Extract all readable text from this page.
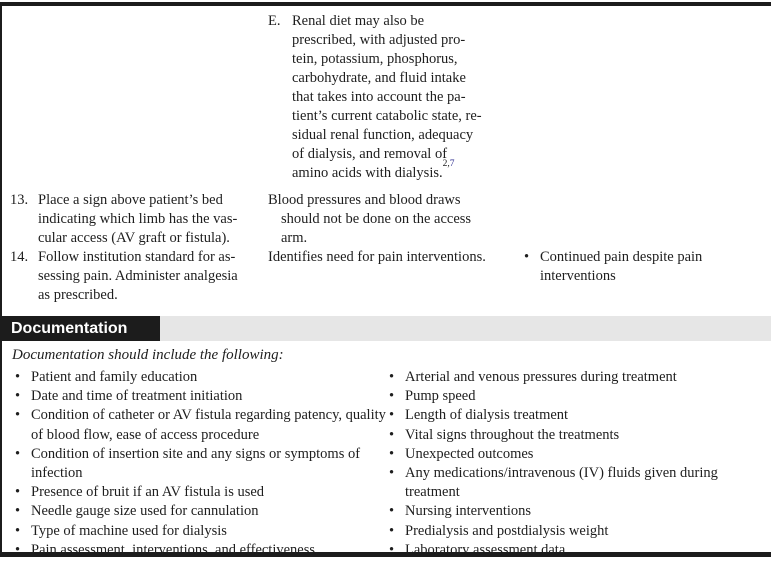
E. Renal diet may also be
prescribed, with adjusted pro-
tein, potassium, phosphorus,
carbohydrate, and fluid intake
that takes into account the pa-
tient’s current catabolic state, re-
sidual renal function, adequacy
of dialysis, and removal of
amino acids with dialysis.$^{2,7}$
13. Place a sign above patient’s bed
indicating which limb has the vas-
cular access (AV graft or fistula).
Blood pressures and blood draws
should not be done on the access
arm.
14. Follow institution standard for as-
sessing pain. Administer analgesia
as prescribed.
Identifies need for pain interventions.	• Continued pain despite pain
interventions
Documentation
Documentation should include the following:
• Patient and family education
• Date and time of treatment initiation
• Condition of catheter or AV fistula regarding patency, quality of blood flow, ease of access procedure
• Condition of insertion site and any signs or symptoms of infection
• Presence of bruit if an AV fistula is used
• Needle gauge size used for cannulation
• Type of machine used for dialysis
• Pain assessment, interventions, and effectiveness.
• Arterial and venous pressures during treatment
• Pump speed
• Length of dialysis treatment
• Vital signs throughout the treatments
• Unexpected outcomes
• Any medications/intravenous (IV) fluids given during treatment
• Nursing interventions
• Predialysis and postdialysis weight
• Laboratory assessment data
